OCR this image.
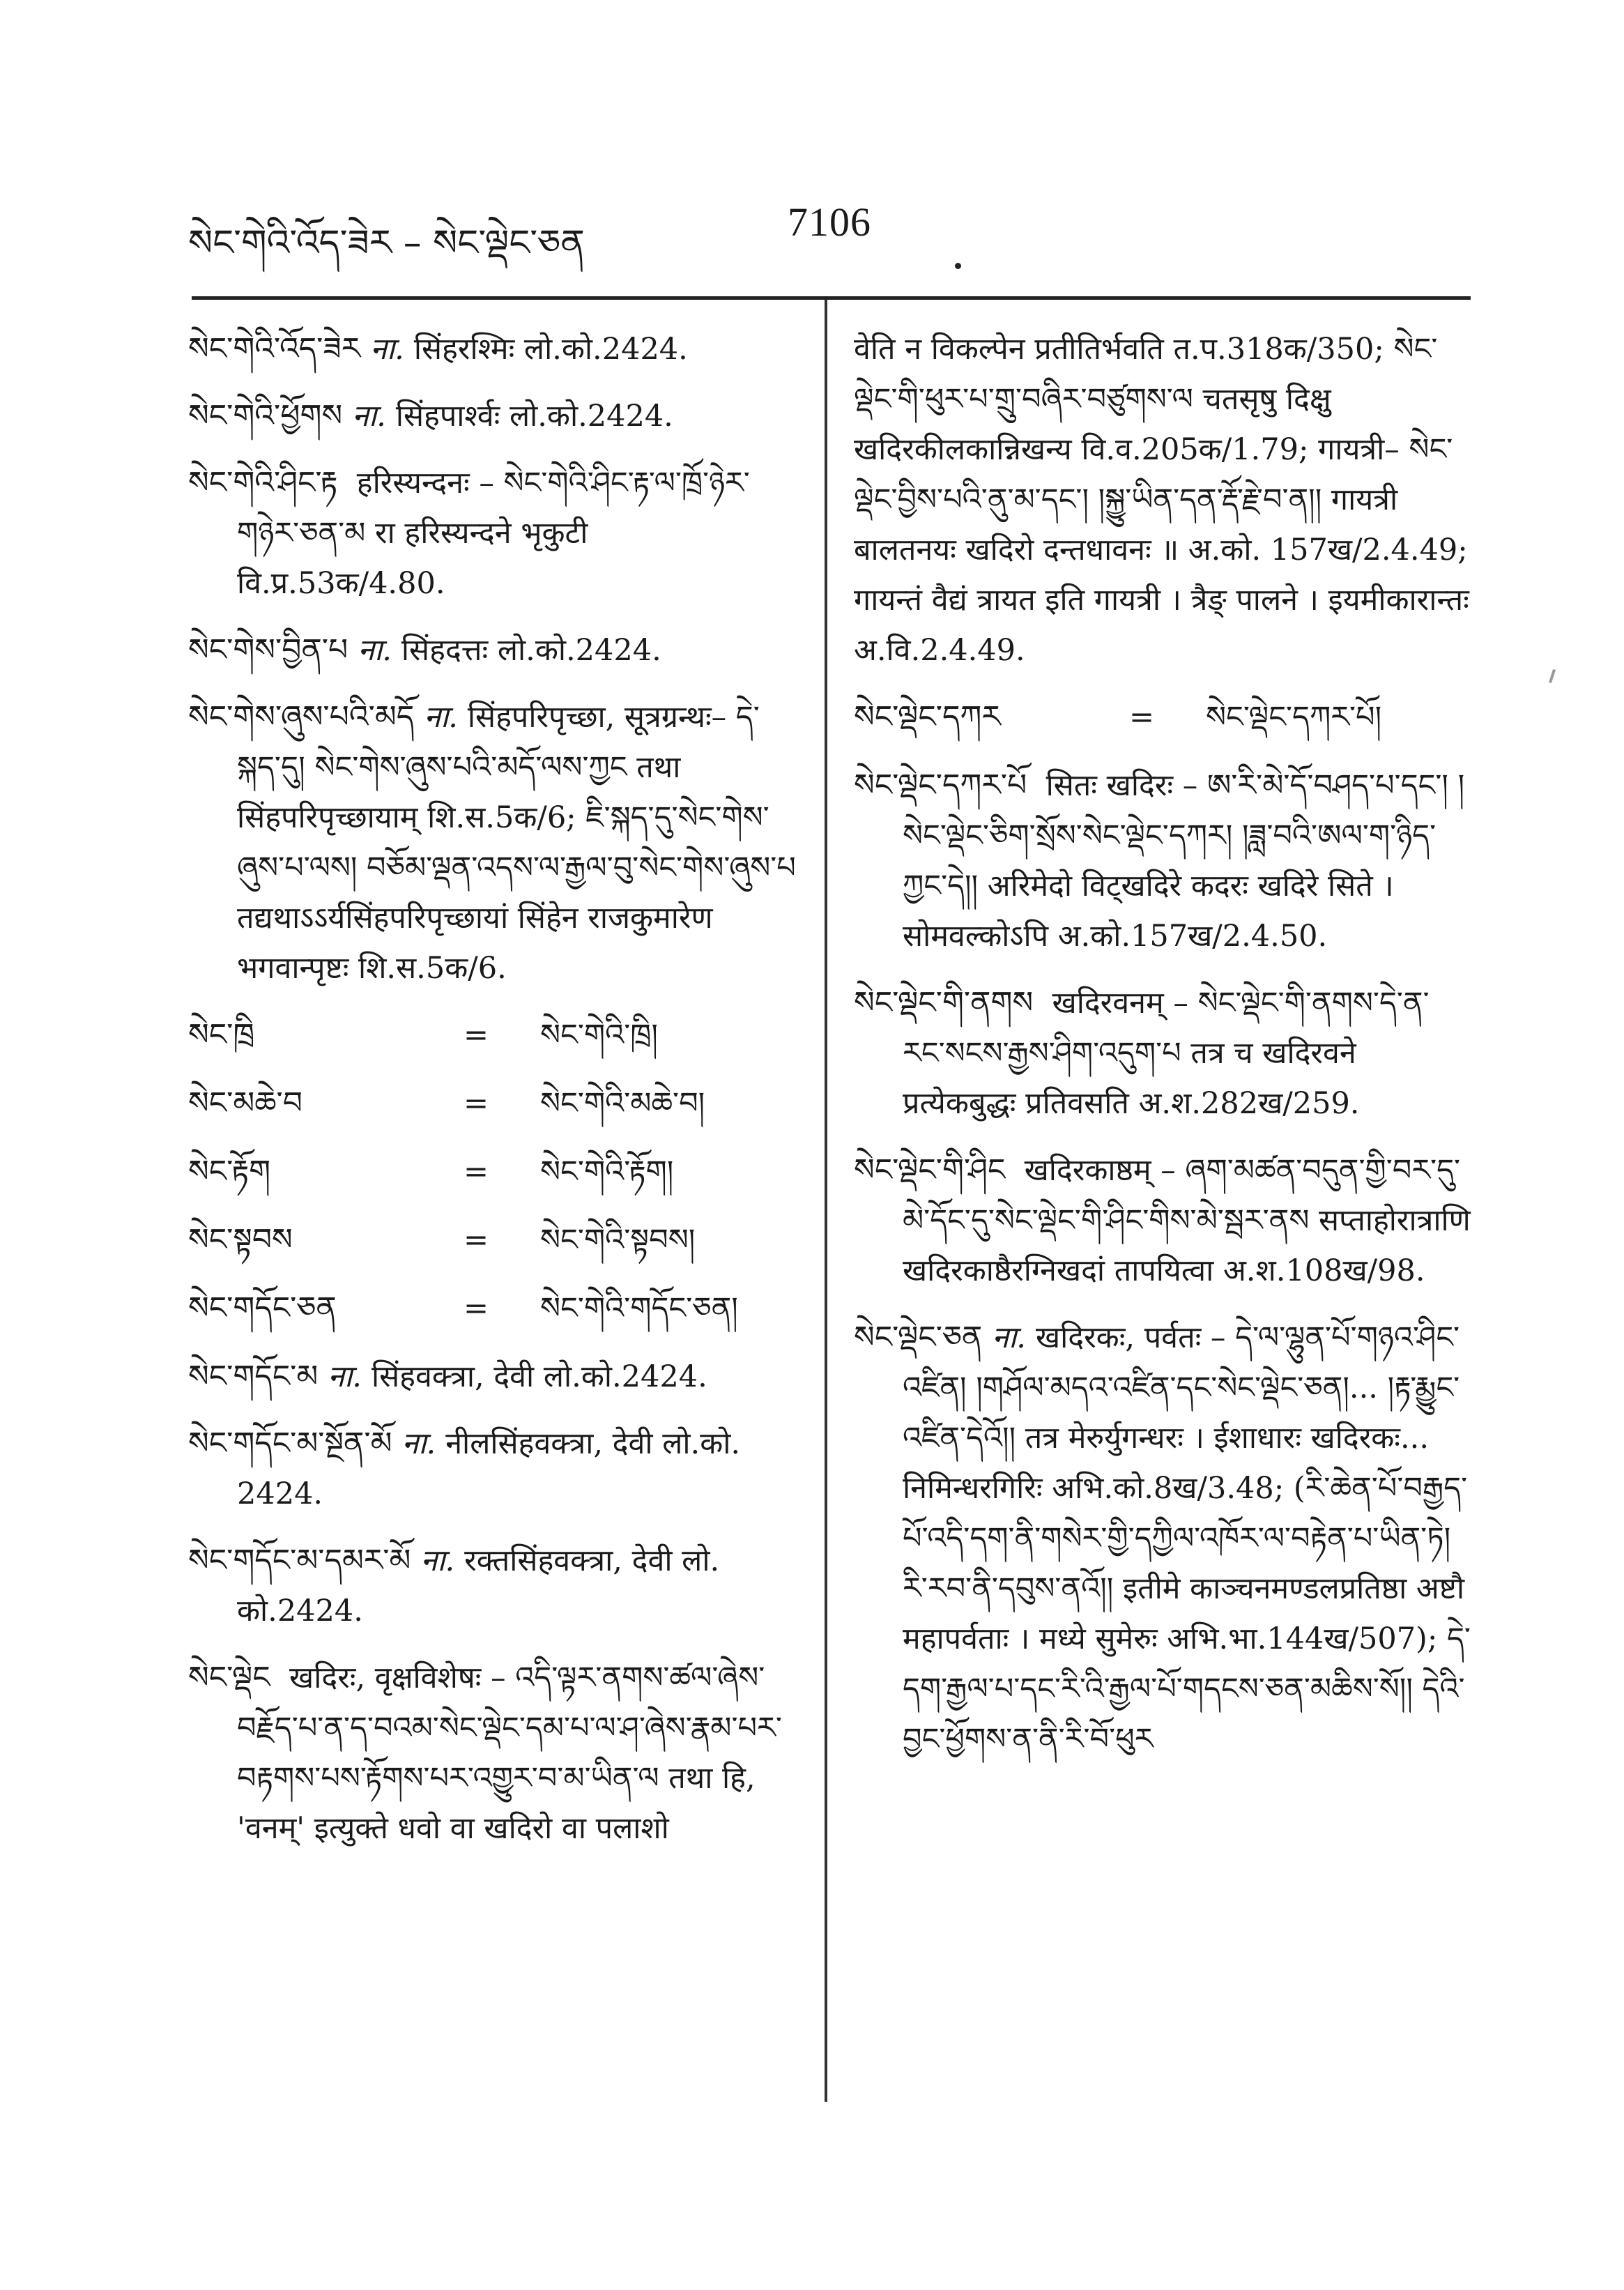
སེང་གེའི་འོད་ཟེར – སེང་ལྡེང་ཅན	7106

སེང་གེའི་འོད་ཟེར ना. सिंहरश्मिः लो.को.2424.

སེང་གེའི་ཕྱོགས ना. सिंहपार्श्वः लो.को.2424.

སེང་གེའི་ཤིང་རྟ हरिस्यन्दनः – སེང་གེའི་ཤིང་རྟ་ལ་ཁྲོ་ཉེར་གཉེར་ཅན་མ रा हरिस्यन्दने भृकुटी वि.प्र.53क/4.80.

སེང་གེས་བྱིན་པ ना. सिंहदत्तः लो.को.2424.

སེང་གེས་ཞུས་པའི་མདོ ना. सिंहपरिपृच्छा, सूत्रग्रन्थः– དེ་སྐད་དུ། སེང་གེས་ཞུས་པའི་མདོ་ལས་ཀྱང तथा सिंहपरिपृच्छायाम् शि.स.5क/6; ཇི་སྐད་དུ་སེང་གེས་ཞུས་པ་ལས། བཅོམ་ལྡན་འདས་ལ་རྒྱལ་བུ་སེང་གེས་ཞུས་པ तद्यथाऽऽर्यसिंहपरिपृच्छायां सिंहेन राजकुमारेण भगवान्पृष्टः शि.स.5क/6.

སེང་ཁྲི	=	སེང་གེའི་ཁྲི།
སེང་མཆེ་བ	=	སེང་གེའི་མཆེ་བ།
སེང་རྟོག	=	སེང་གེའི་རྟོག།
སེང་སྟབས	=	སེང་གེའི་སྟབས།
སེང་གདོང་ཅན	=	སེང་གེའི་གདོང་ཅན།

སེང་གདོང་མ ना. सिंहवक्त्रा, देवी लो.को.2424.

སེང་གདོང་མ་སྔོན་མོ ना. नीलसिंहवक्त्रा, देवी लो.को. 2424.

སེང་གདོང་མ་དམར་མོ ना. रक्तसिंहवक्त्रा, देवी लो. को.2424.

སེང་ལྡེང खदिरः, वृक्षविशेषः – འདི་ལྟར་ནགས་ཚལ་ཞེས་བརྗོད་པ་ན་ད་བའམ་སེང་ལྡེང་དམ་པ་ལ་ཤ་ཞེས་རྣམ་པར་བརྟགས་པས་རྟོགས་པར་འགྱུར་བ་མ་ཡིན་ལ तथा हि, 'वनम्' इत्युक्ते धवो वा खदिरो वा पलाशो

वेति न विकल्पेन प्रतीतिर्भवति त.प.318क/350; སེང་ལྡེང་གི་ཕུར་པ་གྲུ་བཞིར་བཙུགས་ལ चतसृषु दिक्षु खदिरकीलकान्निखन्य वि.व.205क/1.79; गायत्री– སེང་ལྡེང་བྱིས་པའི་ནུ་མ་དང་། །སྐྱུ་ཡིན་དན་རྡོ་རྗེ་བ་ན།། गायत्री बालतनयः खदिरो दन्तधावनः ॥ अ.को. 157ख/2.4.49; गायन्तं वैद्यं त्रायत इति गायत्री । त्रैङ् पालने । इयमीकारान्तः अ.वि.2.4.49.

སེང་ལྡེང་དཀར	=	སེང་ལྡེང་དཀར་པོ།

སེང་ལྡེང་དཀར་པོ सितः खदिरः – ཨ་རི་མེ་དོ་བཤད་པ་དང་། །སེང་ལྡེང་ཅིག་སྲོས་སེང་ལྡེང་དཀར། །ཟླ་བའི་ཨལ་ག་ཉིད་ཀྱང་དེ།། अरिमेदो विट्खदिरे कदरः खदिरे सिते । सोमवल्कोऽपि अ.को.157ख/2.4.50.

སེང་ལྡེང་གི་ནགས खदिरवनम् – སེང་ལྡེང་གི་ནགས་དེ་ན་རང་སངས་རྒྱས་ཤིག་འདུག་པ तत्र च खदिरवने प्रत्येकबुद्धः प्रतिवसति अ.श.282ख/259.

སེང་ལྡེང་གི་ཤིང खदिरकाष्ठम् – ཞག་མཚན་བདུན་གྱི་བར་དུ་མེ་དོང་དུ་སེང་ལྡེང་གི་ཤིང་གིས་མེ་སྦར་ནས सप्ताहोरात्राणि खदिरकाष्ठैरग्निखदां तापयित्वा अ.श.108ख/98.

སེང་ལྡེང་ཅན ना. खदिरकः, पर्वतः – དེ་ལ་ལྷུན་པོ་གཉའ་ཤིང་འཛིན། །གཤོལ་མདའ་འཛིན་དང་སེང་ལྡེང་ཅན།... །རྟ་རྨྱུང་འཛིན་དེའོ།། तत्र मेरुर्युगन्धरः । ईशाधारः खदिरकः... निमिन्धरगिरिः अभि.को.8ख/3.48; (རི་ཆེན་པོ་བརྒྱད་པོ་འདི་དག་ནི་གསེར་གྱི་དཀྱིལ་འཁོར་ལ་བརྟེན་པ་ཡིན་ཏེ། རི་རབ་ནི་དབུས་ནའོ།། इतीमे काञ्चनमण्डलप्रतिष्ठा अष्टौ महापर्वताः । मध्ये सुमेरुः अभि.भा.144ख/507); དེ་དག་རྒྱལ་པ་དང་རི་འི་རྒྱལ་པོ་གདངས་ཅན་མཆིས་སོ།། དེའི་བྱང་ཕྱོགས་ན་ནི་རི་བོ་ཕུར
